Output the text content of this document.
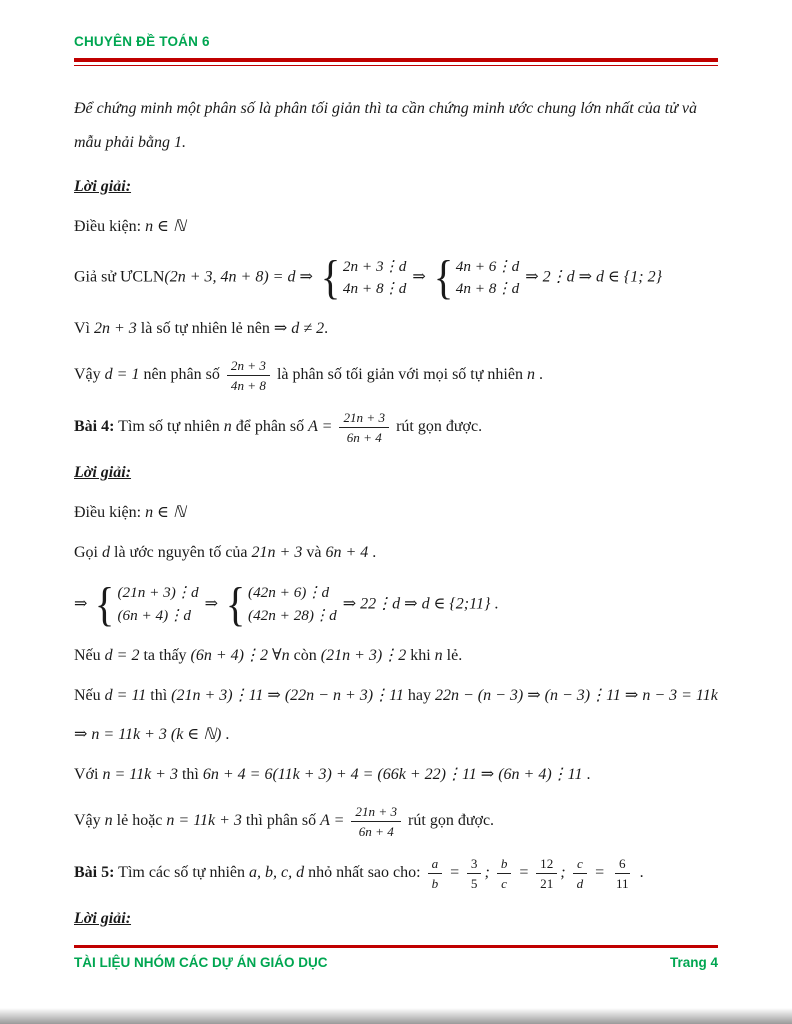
CHUYÊN ĐỀ TOÁN 6
Để chứng minh một phân số là phân tối giản thì ta cần chứng minh ước chung lớn nhất của tử và mẫu phải bằng 1.
Lời giải:
Điều kiện: n ∈ ℕ
Giả sử ƯCLN(2n + 3, 4n + 8) = d ⇒ { 2n + 3⋮d
4n + 8⋮d
⇒ { 4n + 6⋮d
4n + 8⋮d
⇒ 2⋮d ⇒ d ∈ {1; 2}
Vì 2n + 3 là số tự nhiên lẻ nên ⇒ d ≠ 2.
Vậy d = 1 nên phân số $\frac{2n + 3}{4n + 8}$ là phân số tối giản với mọi số tự nhiên n .
Bài 4: Tìm số tự nhiên n để phân số $A = \frac{21n + 3}{6n + 4}$ rút gọn được.
Lời giải:
Điều kiện: n ∈ ℕ
Gọi d là ước nguyên tố của 21n + 3 và 6n + 4 .
⇒ { (21n + 3)⋮d
(6n + 4)⋮d
⇒ { (42n + 6)⋮d
(42n + 28)⋮d
⇒ 22⋮d ⇒ d ∈ {2;11} .
Nếu d = 2 ta thấy (6n + 4)⋮2 ∀n còn (21n + 3)⋮2 khi n lẻ.
Nếu d = 11 thì (21n + 3)⋮11 ⇒ (22n − n + 3)⋮11 hay 22n − (n − 3) ⇒ (n − 3)⋮11 ⇒ n − 3 = 11k
⇒ n = 11k + 3 (k ∈ ℕ) .
Với n = 11k + 3 thì 6n + 4 = 6(11k + 3) + 4 = (66k + 22)⋮11 ⇒ (6n + 4)⋮11 .
Vậy n lẻ hoặc n = 11k + 3 thì phân số $A = \frac{21n + 3}{6n + 4}$ rút gọn được.
Bài 5: Tìm các số tự nhiên a, b, c, d nhỏ nhất sao cho: $\frac{a}{b} = \frac{3}{5}$ ; $\frac{b}{c} = \frac{12}{21}$ ; $\frac{c}{d} = \frac{6}{11}$ .
Lời giải:
TÀI LIỆU NHÓM CÁC DỰ ÁN GIÁO DỤC	Trang 4
